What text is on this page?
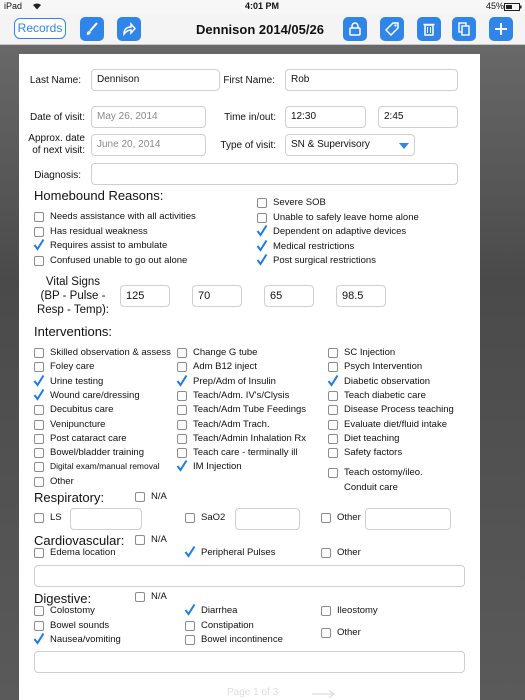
iPad	4:01 PM	45%
Records	Dennison 2014/05/26
Last Name:	Dennison	First Name:	Rob
Date of visit:	May 26, 2014	Time in/out:	12:30	2:45
Approx. date
of next visit:
June 20, 2014	Type of visit:	SN & Supervisory
Diagnosis:
Homebound Reasons:
Needs assistance with all activities
Has residual weakness
Requires assist to ambulate
Confused unable to go out alone
Severe SOB
Unable to safely leave home alone
Dependent on adaptive devices
Medical restrictions
Post surgical restrictions
Vital Signs
(BP - Pulse -
Resp - Temp):
125	70	65	98.5
Interventions:
Skilled observation & assess
Foley care
Urine testing
Wound care/dressing
Decubitus care
Venipuncture
Post cataract care
Bowel/bladder training
Digital exam/manual removal
Other
Change G tube
Adm B12 inject
Prep/Adm of Insulin
Teach/Adm. IV's/Clysis
Teach/Adm Tube Feedings
Teach/Adm Trach.
Teach/Admin Inhalation Rx
Teach care - terminally ill
IM Injection
SC Injection
Psych Intervention
Diabetic observation
Teach diabetic care
Disease Process teaching
Evaluate diet/fluid intake
Diet teaching
Safety factors
Teach ostomy/ileo.
Conduit care
Respiratory:	N/A
LS	SaO2	Other
Cardiovascular:	N/A
Edema location	Peripheral Pulses	Other
Digestive:	N/A
Colostomy
Bowel sounds
Nausea/vomiting
Diarrhea
Constipation
Bowel incontinence
Ileostomy
Other
Page 1 of 3
